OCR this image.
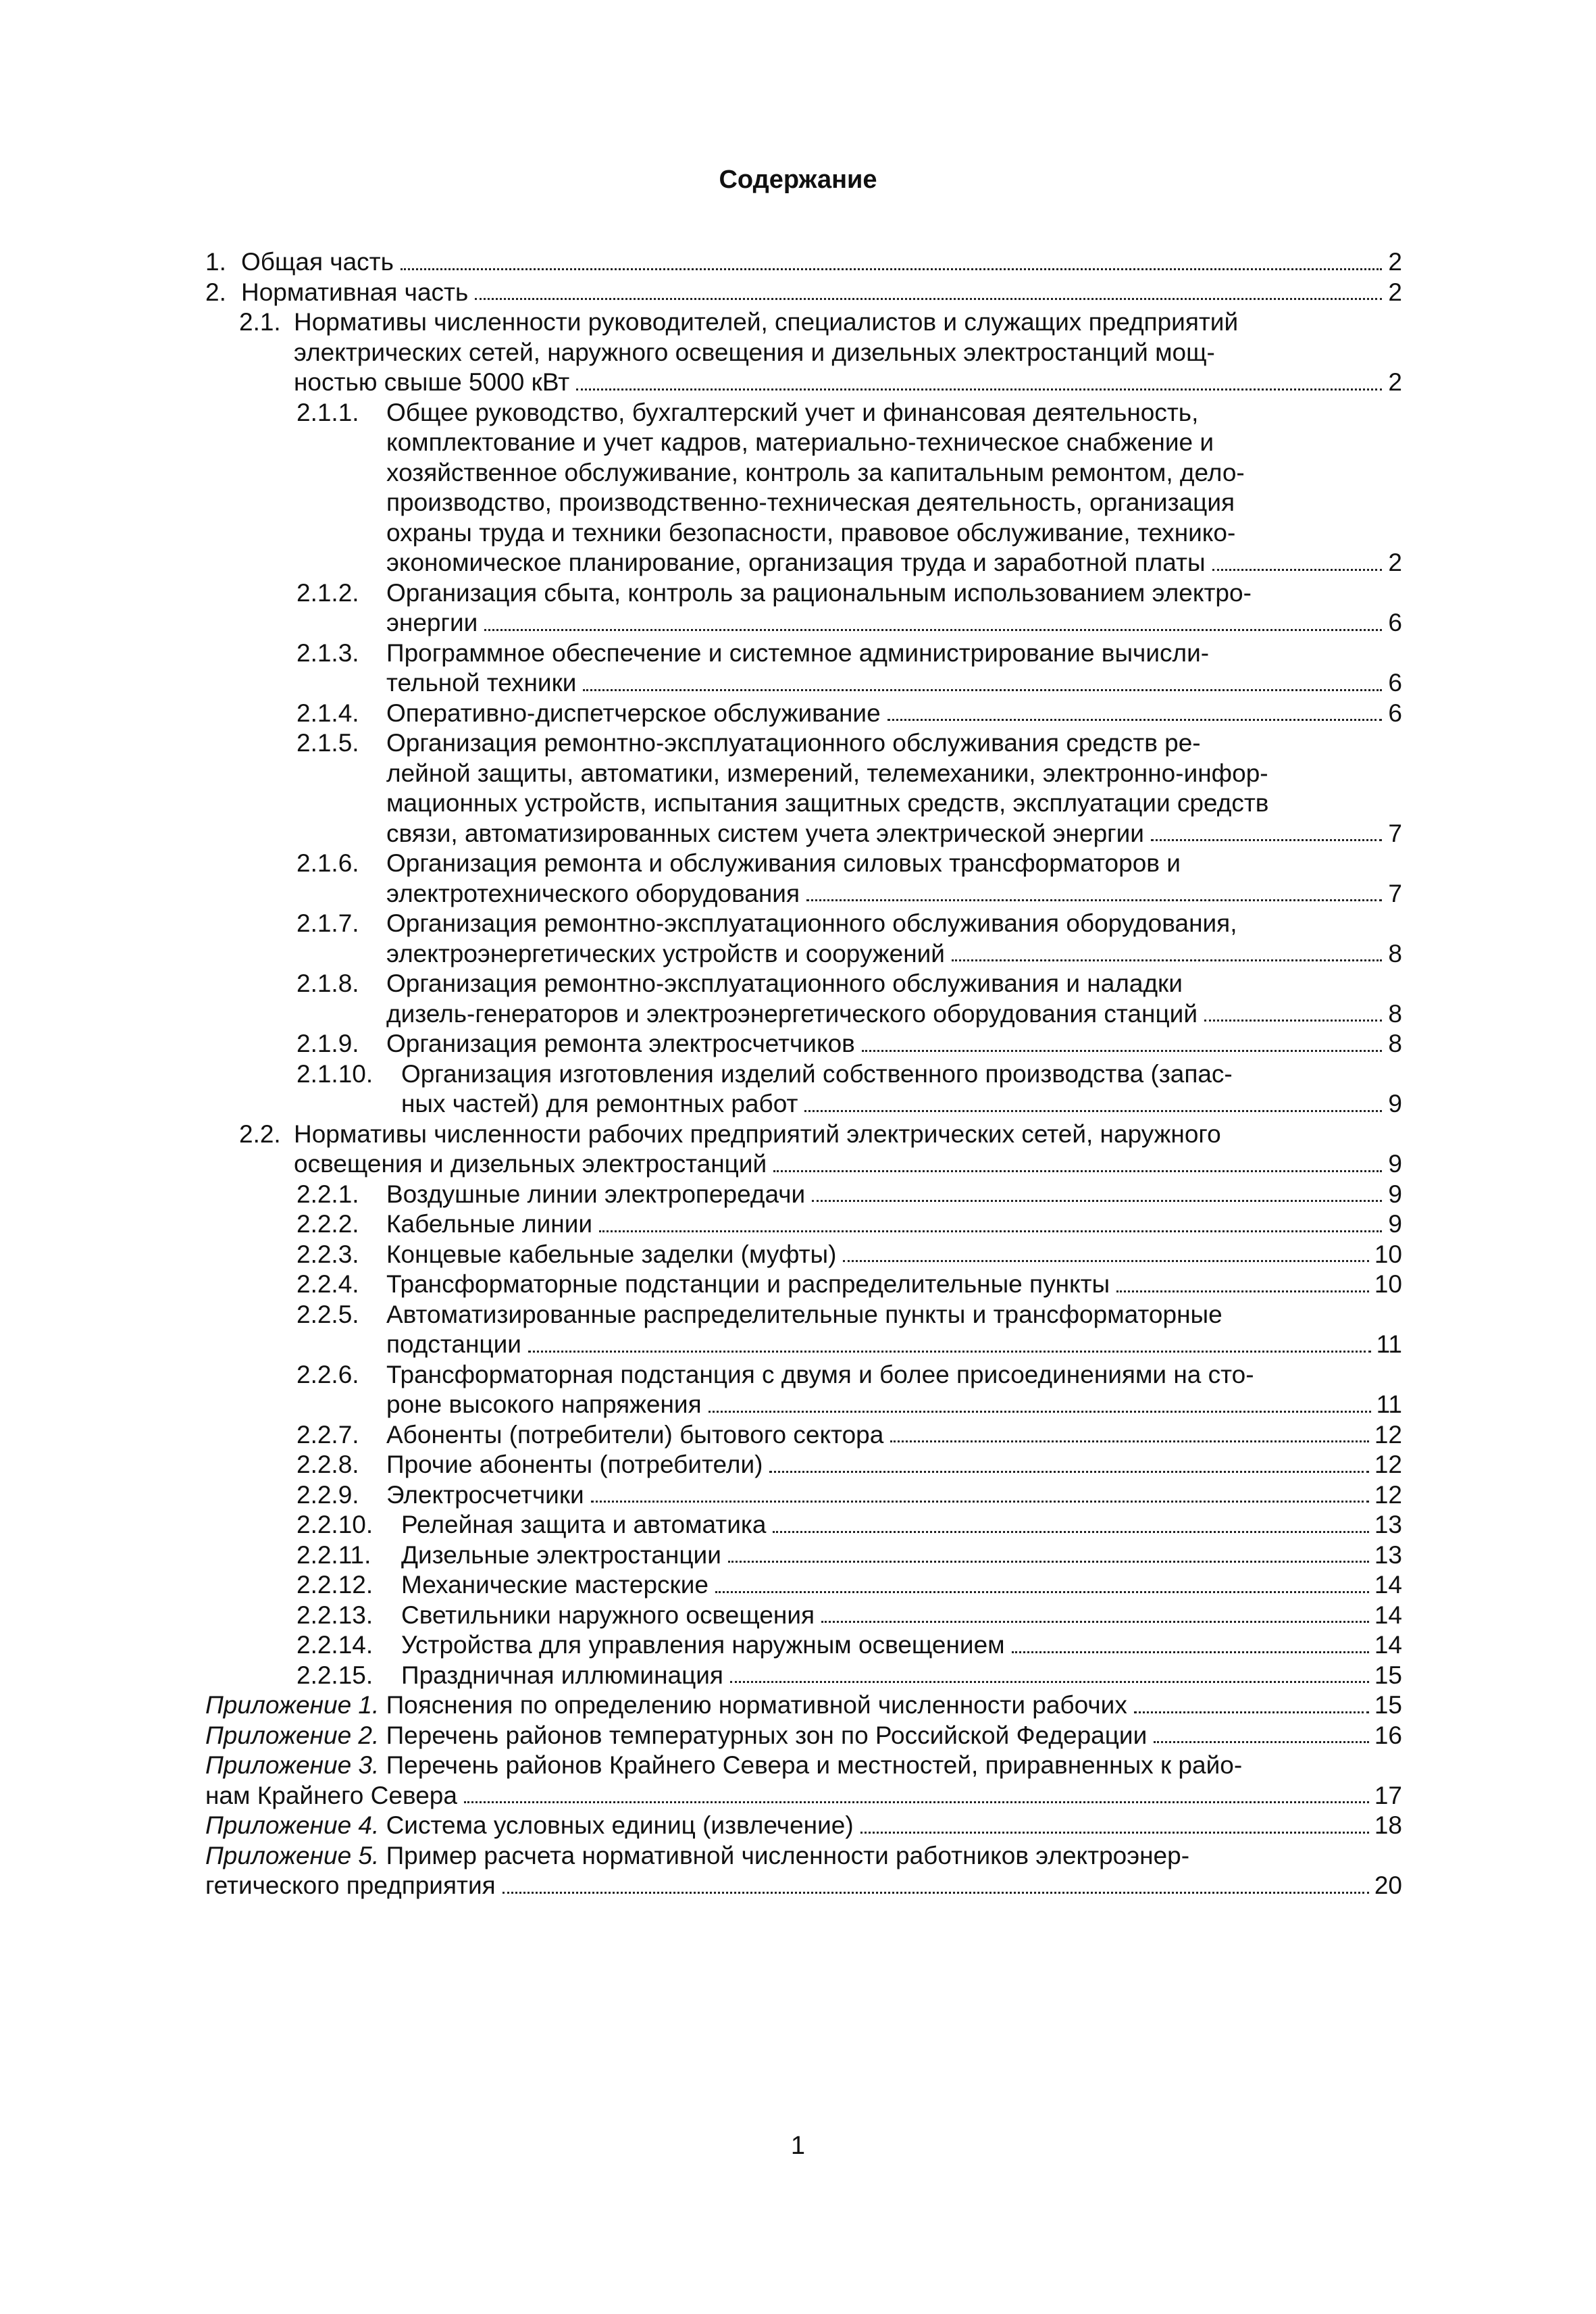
Содержание
1. Общая часть	2
2. Нормативная часть	2
2.1. Нормативы численности руководителей, специалистов и служащих предприятий
электрических сетей, наружного освещения и дизельных электростанций мощ-
ностью свыше 5000 кВт	2
2.1.1.	Общее руководство, бухгалтерский учет и финансовая деятельность,
комплектование и учет кадров, материально-техническое снабжение и
хозяйственное обслуживание, контроль за капитальным ремонтом, дело-
производство, производственно-техническая деятельность, организация
охраны труда и техники безопасности, правовое обслуживание, технико-
экономическое планирование, организация труда и заработной платы	2
2.1.2.	Организация сбыта, контроль за рациональным использованием электро-
энергии	6
2.1.3.	Программное обеспечение и системное администрирование вычисли-
тельной техники	6
2.1.4.	Оперативно-диспетчерское обслуживание	6
2.1.5.	Организация ремонтно-эксплуатационного обслуживания средств ре-
лейной защиты, автоматики, измерений, телемеханики, электронно-инфор-
мационных устройств, испытания защитных средств, эксплуатации средств
связи, автоматизированных систем учета электрической энергии	7
2.1.6.	Организация ремонта и обслуживания силовых трансформаторов и
электротехнического оборудования	7
2.1.7.	Организация ремонтно-эксплуатационного обслуживания оборудования,
электроэнергетических устройств и сооружений	8
2.1.8.	Организация ремонтно-эксплуатационного обслуживания и наладки
дизель-генераторов и электроэнергетического оборудования станций	8
2.1.9.	Организация ремонта электросчетчиков	8
2.1.10.	Организация изготовления изделий собственного производства (запас-
ных частей) для ремонтных работ	9
2.2. Нормативы численности рабочих предприятий электрических сетей, наружного
освещения и дизельных электростанций	9
2.2.1.	Воздушные линии электропередачи	9
2.2.2.	Кабельные линии	9
2.2.3.	Концевые кабельные заделки (муфты)	10
2.2.4.	Трансформаторные подстанции и распределительные пункты	10
2.2.5.	Автоматизированные распределительные пункты и трансформаторные
подстанции	11
2.2.6.	Трансформаторная подстанция с двумя и более присоединениями на сто-
роне высокого напряжения	11
2.2.7.	Абоненты (потребители) бытового сектора	12
2.2.8.	Прочие абоненты (потребители)	12
2.2.9.	Электросчетчики	12
2.2.10.	Релейная защита и автоматика	13
2.2.11.	Дизельные электростанции	13
2.2.12.	Механические мастерские	14
2.2.13.	Светильники наружного освещения	14
2.2.14.	Устройства для управления наружным освещением	14
2.2.15.	Праздничная иллюминация	15
Приложение 1. Пояснения по определению нормативной численности рабочих	15
Приложение 2. Перечень районов температурных зон по Российской Федерации	16
Приложение 3. Перечень районов Крайнего Севера и местностей, приравненных к райо-
нам Крайнего Севера	17
Приложение 4. Система условных единиц (извлечение)	18
Приложение 5. Пример расчета нормативной численности работников электроэнер-
гетического предприятия	20
1
